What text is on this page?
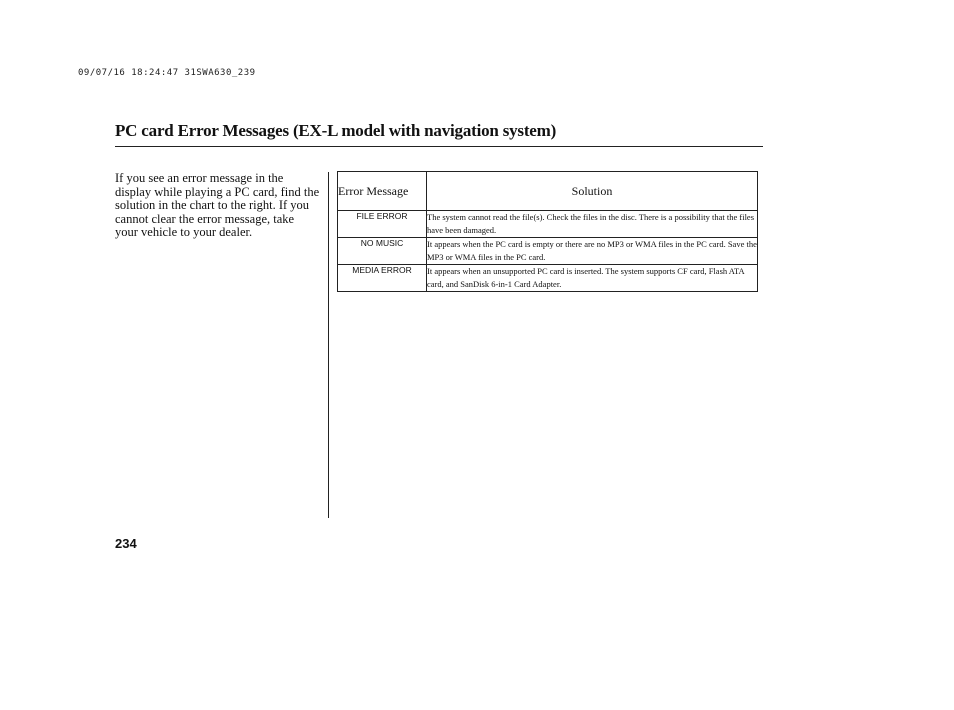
09/07/16 18:24:47 31SWA630_239
PC card Error Messages (EX-L model with navigation system)

If you see an error message in the display while playing a PC card, find the solution in the chart to the right. If you cannot clear the error message, take your vehicle to your dealer.

Error Message	Solution
FILE ERROR	The system cannot read the file(s). Check the files in the disc. There is a possibility that the files have been damaged.
NO MUSIC	It appears when the PC card is empty or there are no MP3 or WMA files in the PC card. Save the MP3 or WMA files in the PC card.
MEDIA ERROR	It appears when an unsupported PC card is inserted. The system supports CF card, Flash ATA card, and SanDisk 6-in-1 Card Adapter.
234
